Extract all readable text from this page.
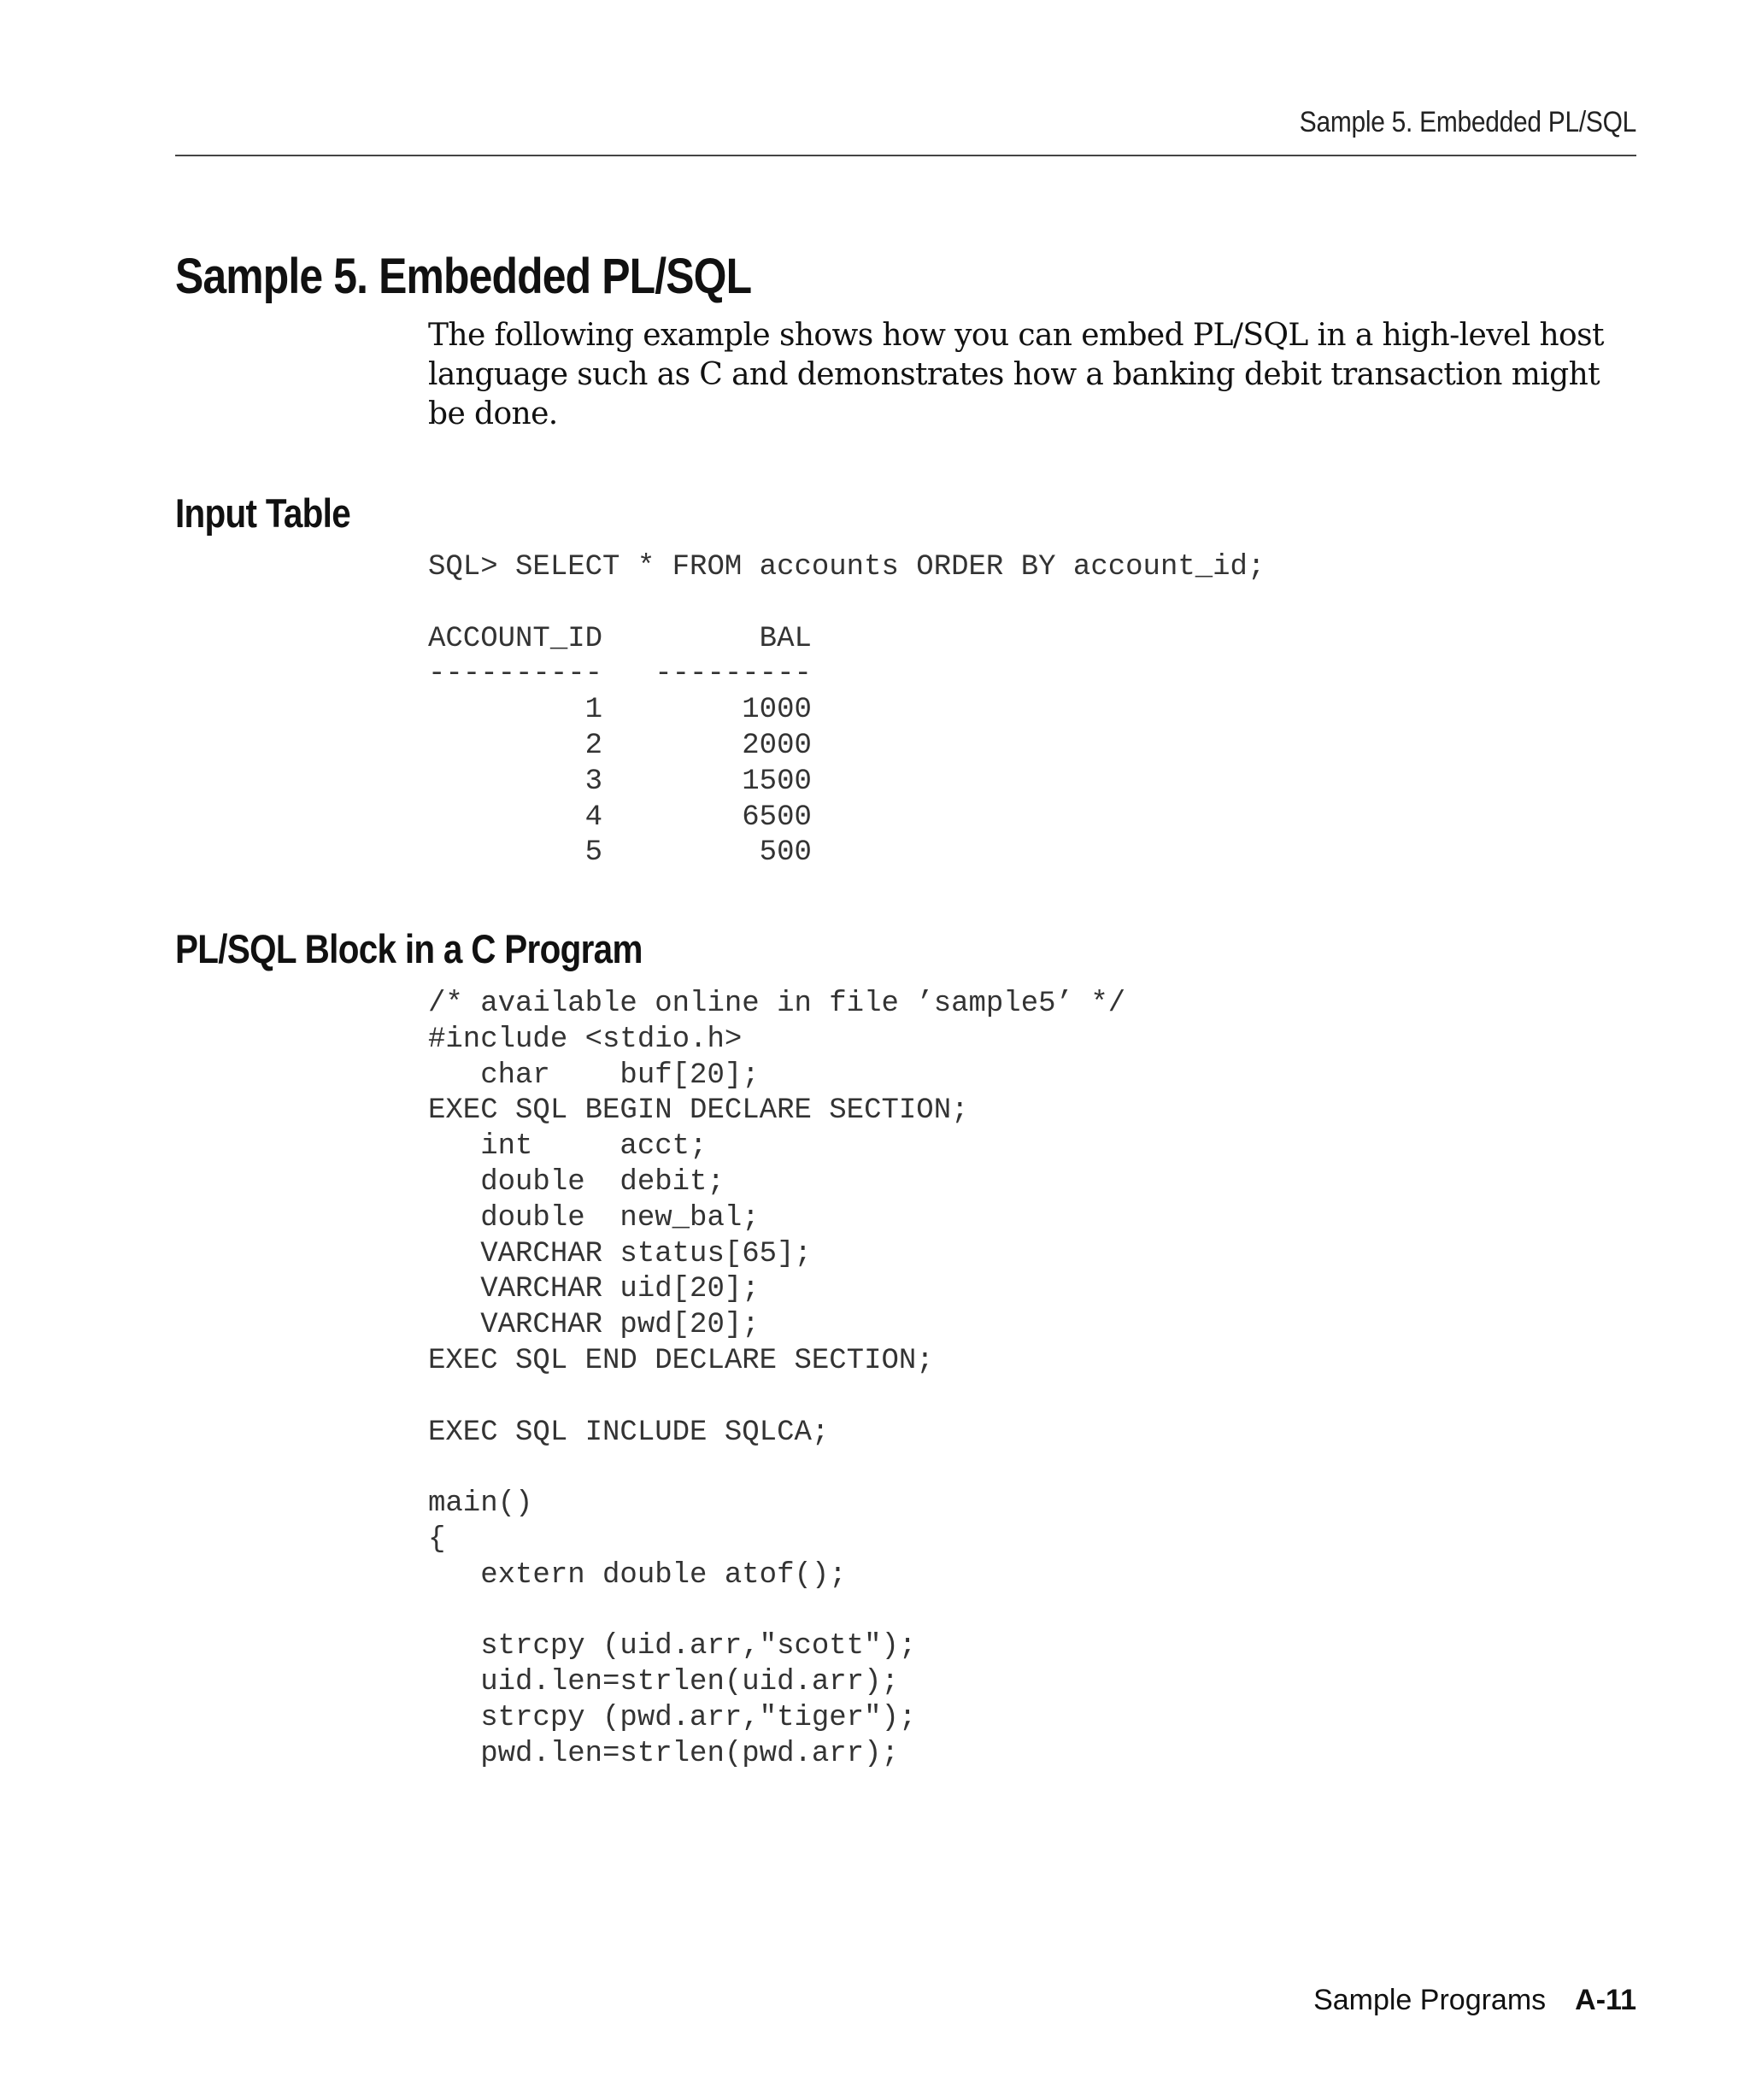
Sample 5. Embedded PL/SQL
Sample 5. Embedded PL/SQL

The following example shows how you can embed PL/SQL in a high-level host language such as C and demonstrates how a banking debit transaction might be done.

Input Table
SQL> SELECT * FROM accounts ORDER BY account_id;
ACCOUNT_ID         BAL
----------   ---------
1        1000
2        2000
3        1500
4        6500
5         500
PL/SQL Block in a C Program
/* available online in file ’sample5’ */
#include <stdio.h>
char    buf[20];
EXEC SQL BEGIN DECLARE SECTION;
int     acct;
double  debit;
double  new_bal;
VARCHAR status[65];
VARCHAR uid[20];
VARCHAR pwd[20];
EXEC SQL END DECLARE SECTION;
EXEC SQL INCLUDE SQLCA;
main()
{
extern double atof();
strcpy (uid.arr,"scott");
uid.len=strlen(uid.arr);
strcpy (pwd.arr,"tiger");
pwd.len=strlen(pwd.arr);
Sample Programs A-11
